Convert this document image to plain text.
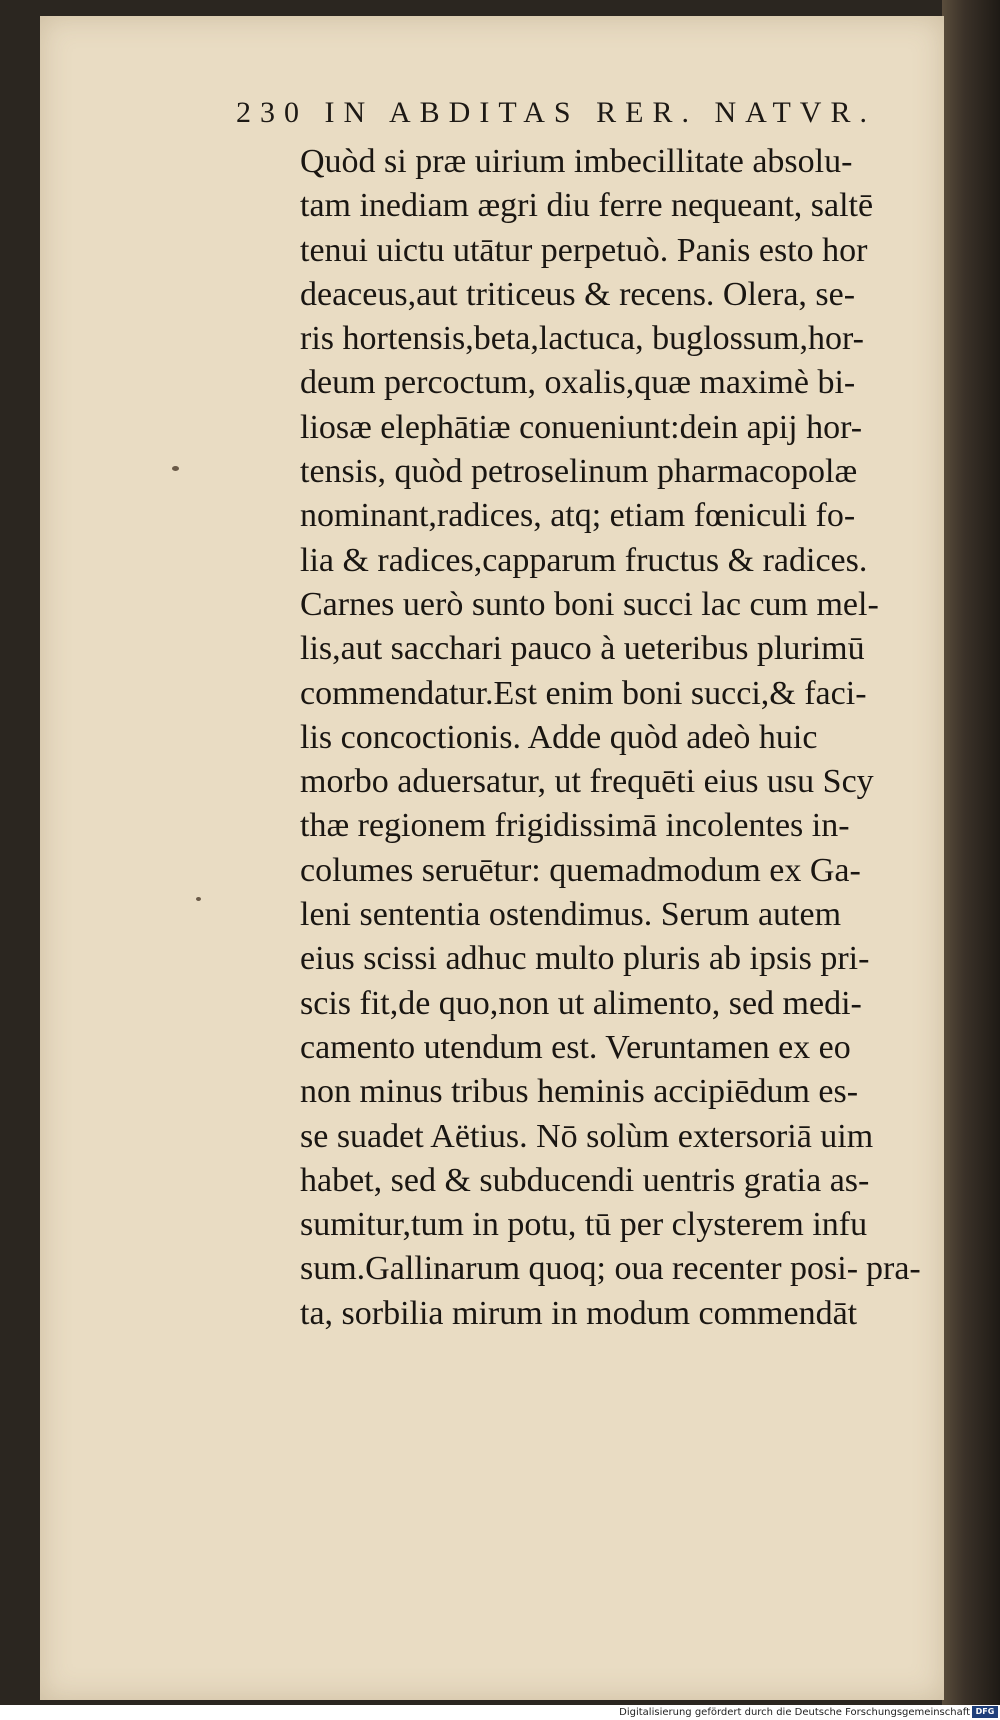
230 IN ABDITAS RER. NATVR.
Quòd si præ uirium imbecillitate absolu-
tam inediam ægri diu ferre nequeant, saltē
tenui uictu utātur perpetuò. Panis esto hor
deaceus,aut triticeus & recens. Olera, se-
ris hortensis,beta,lactuca, buglossum,hor-
deum percoctum, oxalis,quæ maximè bi-
liosæ elephātiæ conueniunt:dein apij hor-
tensis, quòd petroselinum pharmacopolæ
nominant,radices, atq; etiam fœniculi fo-
lia & radices,capparum fructus & radices.
Carnes uerò sunto boni succi lac cum mel-
lis,aut sacchari pauco à ueteribus plurimū
commendatur.Est enim boni succi,& faci-
lis concoctionis. Adde quòd adeò huic
morbo aduersatur, ut frequēti eius usu Scy
thæ regionem frigidissimā incolentes in-
columes seruētur: quemadmodum ex Ga-
leni sententia ostendimus. Serum autem
eius scissi adhuc multo pluris ab ipsis pri-
scis fit,de quo,non ut alimento, sed medi-
camento utendum est. Veruntamen ex eo
non minus tribus heminis accipiēdum es-
se suadet Aëtius. Nō solùm extersoriā uim
habet, sed & subducendi uentris gratia as-
sumitur,tum in potu, tū per clysterem infu
sum.Gallinarum quoq; oua recenter posi-
ta, sorbilia mirum in modum commendāt
pra-
Digitalisierung gefördert durch die Deutsche Forschungsgemeinschaft DFG
